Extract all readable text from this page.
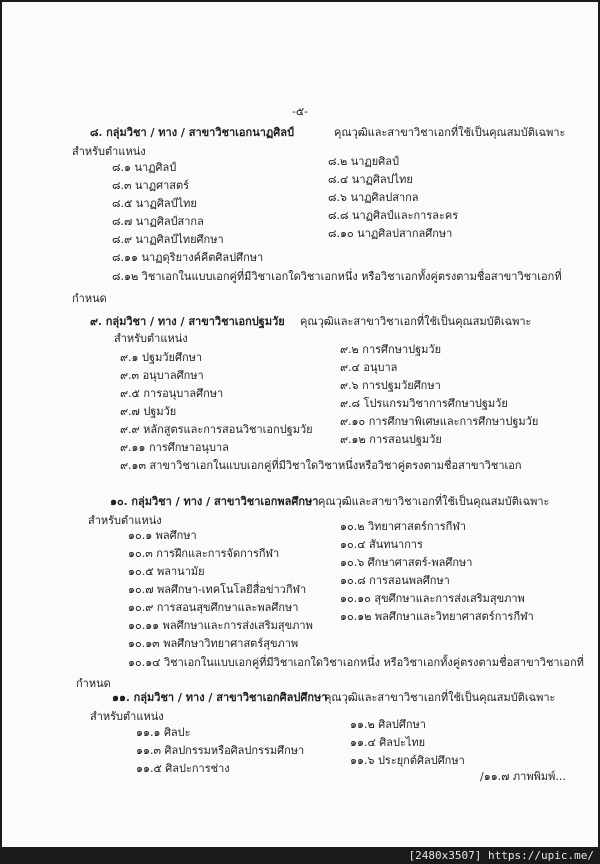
-๕-
๘. กลุ่มวิชา / ทาง / สาขาวิชาเอกนาฏศิลป์	คุณวุฒิและสาขาวิชาเอกที่ใช้เป็นคุณสมบัติเฉพาะ
สำหรับตำแหน่ง
๘.๑ นาฏศิลป์
๘.๓ นาฏศาสตร์
๘.๕ นาฏศิลป์ไทย
๘.๗ นาฏศิลป์สากล
๘.๙ นาฏศิลป์ไทยศึกษา
๘.๑๑ นาฏดุริยางค์คีตศิลปศึกษา
๘.๒ นาฏยศิลป์
๘.๔ นาฏศิลปไทย
๘.๖ นาฏศิลปสากล
๘.๘ นาฏศิลป์และการละคร
๘.๑๐ นาฏศิลปสากลศึกษา
๘.๑๒ วิชาเอกในแบบเอกคู่ที่มีวิชาเอกใดวิชาเอกหนึ่ง หรือวิชาเอกทั้งคู่ตรงตามชื่อสาขาวิชาเอกที่
กำหนด
๙. กลุ่มวิชา / ทาง / สาขาวิชาเอกปฐมวัย คุณวุฒิและสาขาวิชาเอกที่ใช้เป็นคุณสมบัติเฉพาะ
สำหรับตำแหน่ง
๙.๑ ปฐมวัยศึกษา
๙.๓ อนุบาลศึกษา
๙.๕ การอนุบาลศึกษา
๙.๗ ปฐมวัย
๙.๙ หลักสูตรและการสอนวิชาเอกปฐมวัย
๙.๑๑ การศึกษาอนุบาล
๙.๒ การศึกษาปฐมวัย
๙.๔ อนุบาล
๙.๖ การปฐมวัยศึกษา
๙.๘ โปรแกรมวิชาการศึกษาปฐมวัย
๙.๑๐ การศึกษาพิเศษและการศึกษาปฐมวัย
๙.๑๒ การสอนปฐมวัย
๙.๑๓ สาขาวิชาเอกในแบบเอกคู่ที่มีวิชาใดวิชาหนึ่งหรือวิชาคู่ตรงตามชื่อสาขาวิชาเอก
๑๐. กลุ่มวิชา / ทาง / สาขาวิชาเอกพลศึกษา คุณวุฒิและสาขาวิชาเอกที่ใช้เป็นคุณสมบัติเฉพาะ
สำหรับตำแหน่ง
๑๐.๑ พลศึกษา
๑๐.๓ การฝึกและการจัดการกีฬา
๑๐.๕ พลานามัย
๑๐.๗ พลศึกษา-เทคโนโลยีสื่อข่าวกีฬา
๑๐.๙ การสอนสุขศึกษาและพลศึกษา
๑๐.๑๑ พลศึกษาและการส่งเสริมสุขภาพ
๑๐.๑๓ พลศึกษาวิทยาศาสตร์สุขภาพ
๑๐.๒ วิทยาศาสตร์การกีฬา
๑๐.๔ สันทนาการ
๑๐.๖ ศึกษาศาสตร์-พลศึกษา
๑๐.๘ การสอนพลศึกษา
๑๐.๑๐ สุขศึกษาและการส่งเสริมสุขภาพ
๑๐.๑๒ พลศึกษาและวิทยาศาสตร์การกีฬา
๑๐.๑๔ วิชาเอกในแบบเอกคู่ที่มีวิชาเอกใดวิชาเอกหนึ่ง หรือวิชาเอกทั้งคู่ตรงตามชื่อสาขาวิชาเอกที่
กำหนด
๑๑. กลุ่มวิชา / ทาง / สาขาวิชาเอกศิลปศึกษา
คุณวุฒิและสาขาวิชาเอกที่ใช้เป็นคุณสมบัติเฉพาะ
สำหรับตำแหน่ง
๑๑.๑ ศิลปะ
๑๑.๓ ศิลปกรรมหรือศิลปกรรมศึกษา
๑๑.๕ ศิลปะการช่าง
๑๑.๒ ศิลปศึกษา
๑๑.๔ ศิลปะไทย
๑๑.๖ ประยุกต์ศิลปศึกษา
/๑๑.๗ ภาพพิมพ์...
[2480x3507] https://upic.me/
